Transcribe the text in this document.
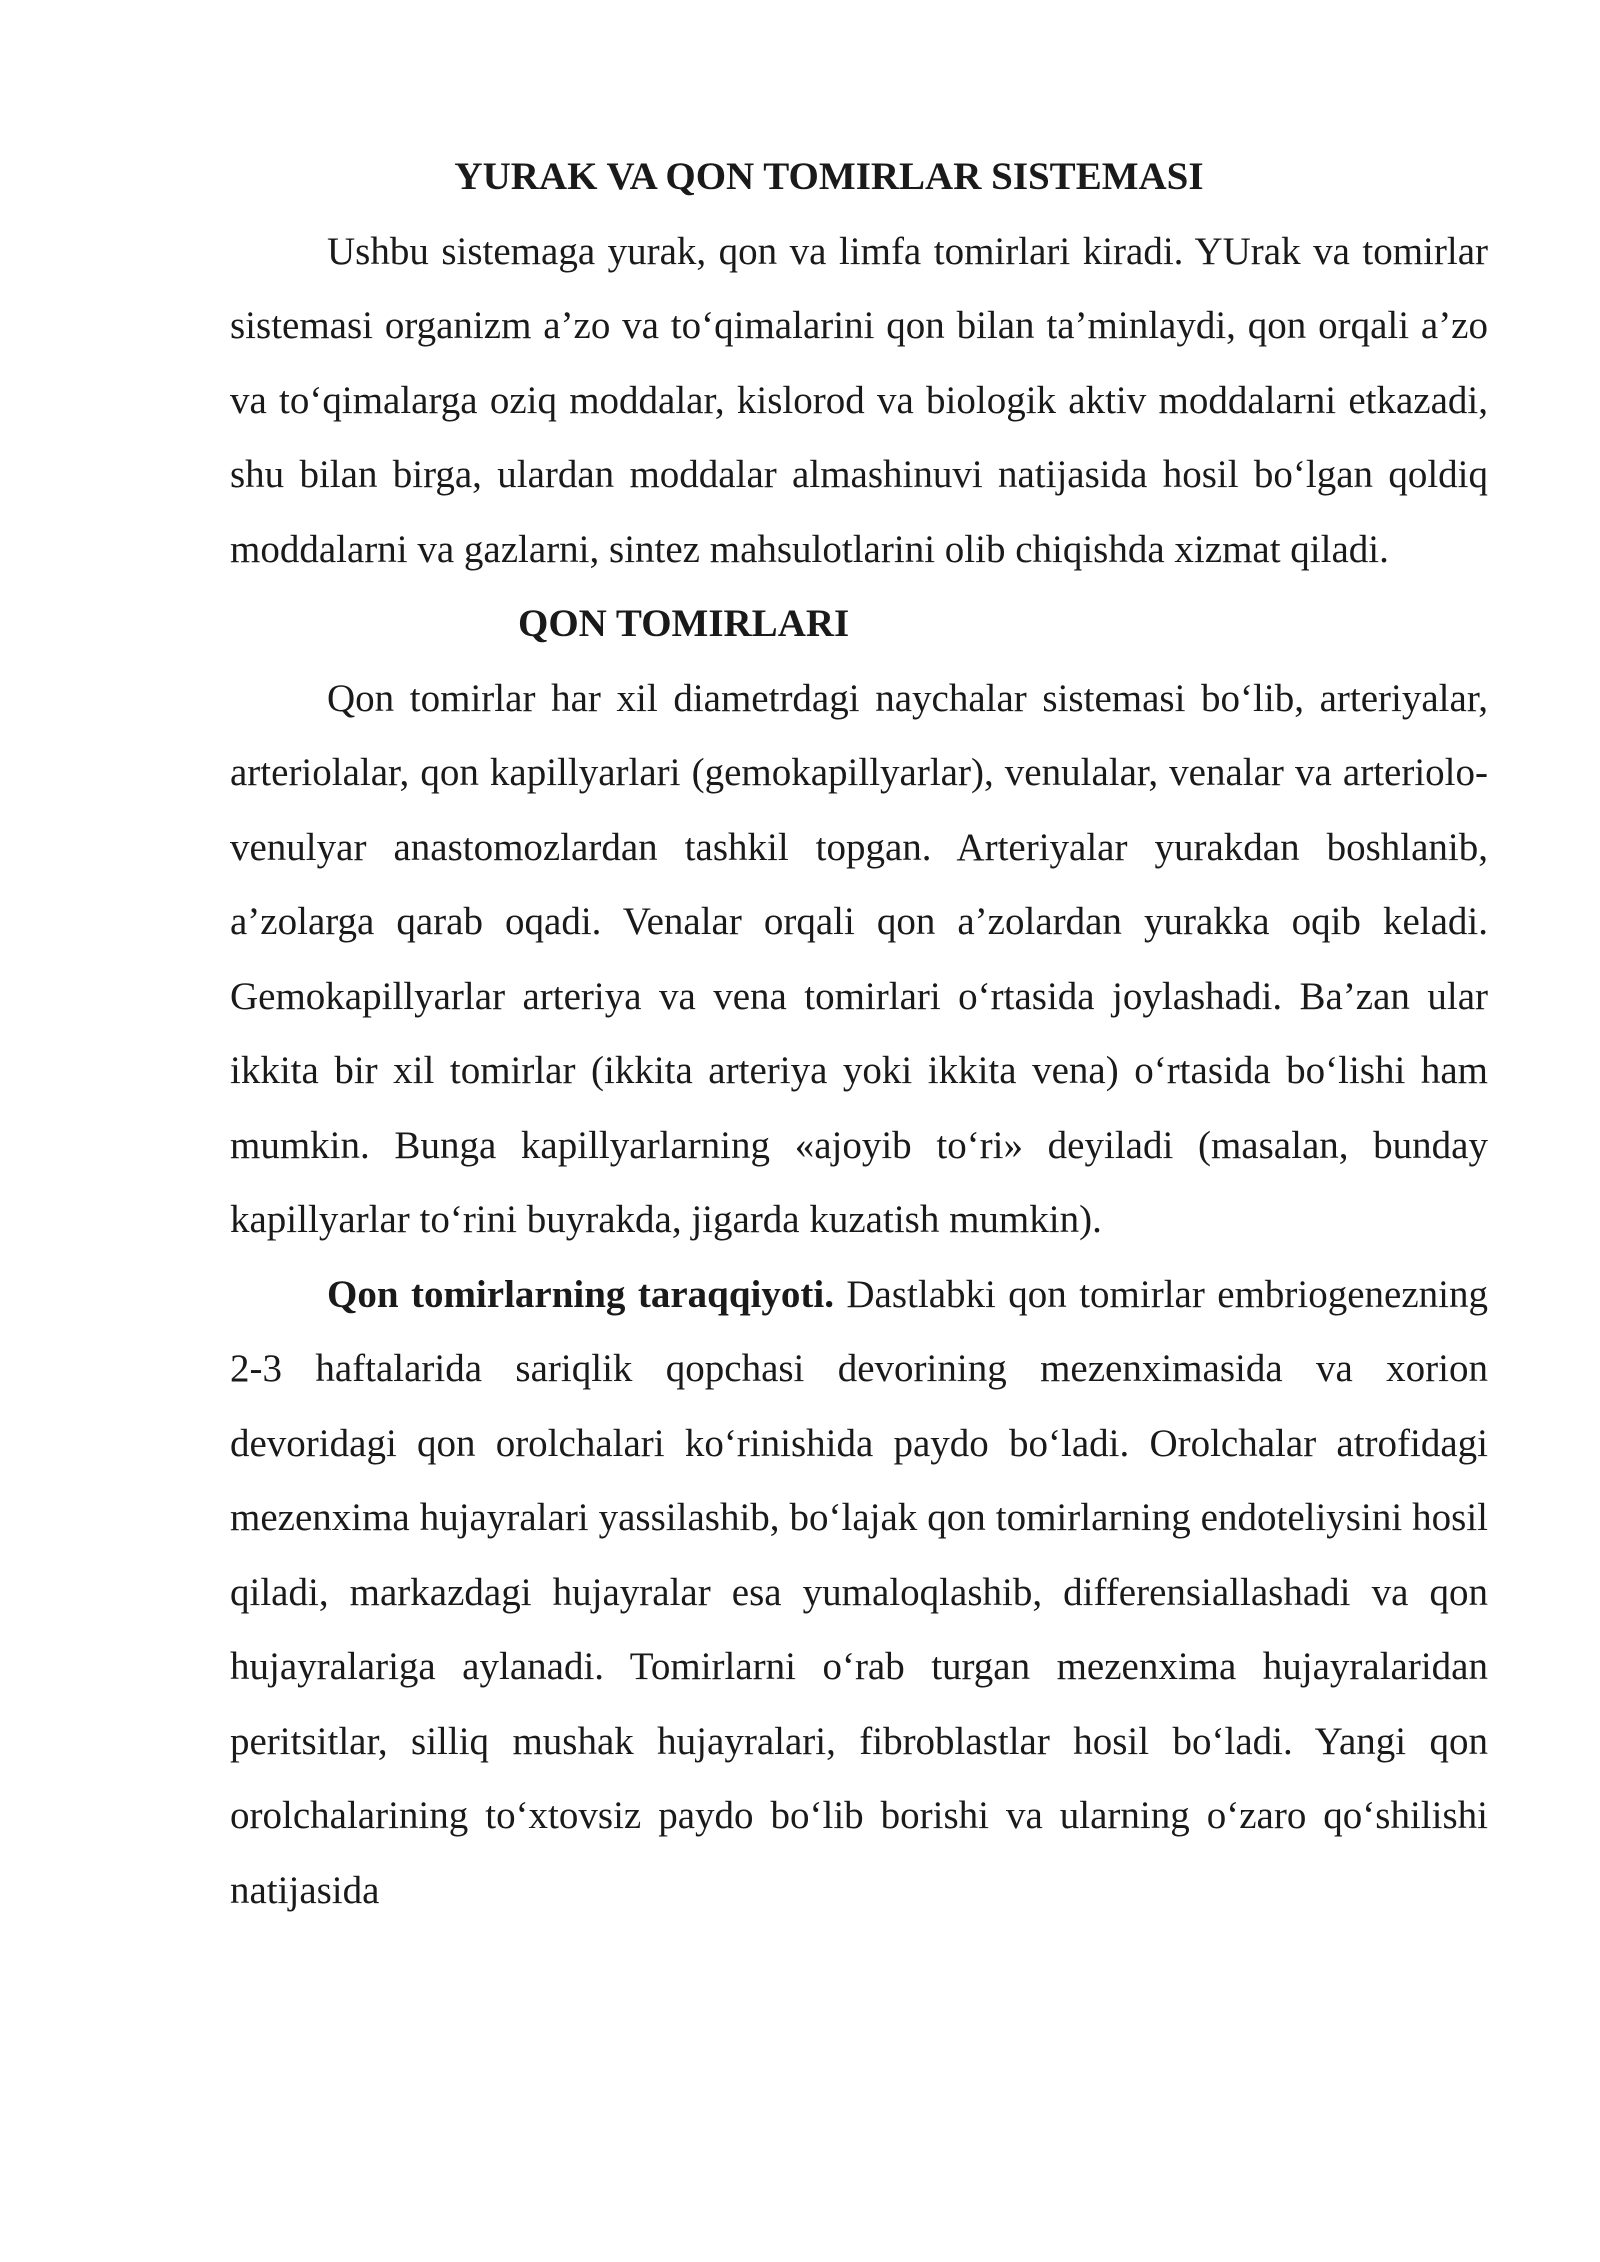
YURAK VA QON TOMIRLAR SISTEMASI

Ushbu sistemaga yurak, qon va limfa tomirlari kiradi. YUrak va tomirlar sistemasi organizm a’zo va to‘qimalarini qon bilan ta’minlaydi, qon orqali a’zo va to‘qimalarga oziq moddalar, kislorod va biologik aktiv moddalarni etkazadi, shu bilan birga, ulardan moddalar almashinuvi natijasida hosil bo‘lgan qoldiq moddalarni va gazlarni, sintez mahsulotlarini olib chiqishda xizmat qiladi.

QON TOMIRLARI

Qon tomirlar har xil diametrdagi naychalar sistemasi bo‘lib, arteriyalar, arteriolalar, qon kapillyarlari (gemokapillyarlar), venulalar, venalar va arteriolo-venulyar anastomozlardan tashkil topgan. Arteriyalar yurakdan boshlanib, a’zolarga qarab oqadi. Venalar orqali qon a’zolardan yurakka oqib keladi. Gemokapillyarlar arteriya va vena tomirlari o‘rtasida joylashadi. Ba’zan ular ikkita bir xil tomirlar (ikkita arteriya yoki ikkita vena) o‘rtasida bo‘lishi ham mumkin. Bunga kapillyarlarning «ajoyib to‘ri» deyiladi (masalan, bunday kapillyarlar to‘rini buyrakda, jigarda kuzatish mumkin).

Qon tomirlarning taraqqiyoti. Dastlabki qon tomirlar embriogenezning 2-3 haftalarida sariqlik qopchasi devorining mezenximasida va xorion devoridagi qon orolchalari ko‘rinishida paydo bo‘ladi. Orolchalar atrofidagi mezenxima hujayralari yassilashib, bo‘lajak qon tomirlarning endoteliysini hosil qiladi, markazdagi hujayralar esa yumaloqlashib, differensiallashadi va qon hujayralariga aylanadi. Tomirlarni o‘rab turgan mezenxima hujayralaridan peritsitlar, silliq mushak hujayralari, fibroblastlar hosil bo‘ladi. Yangi qon orolchalarining to‘xtovsiz paydo bo‘lib borishi va ularning o‘zaro qo‘shilishi natijasida
